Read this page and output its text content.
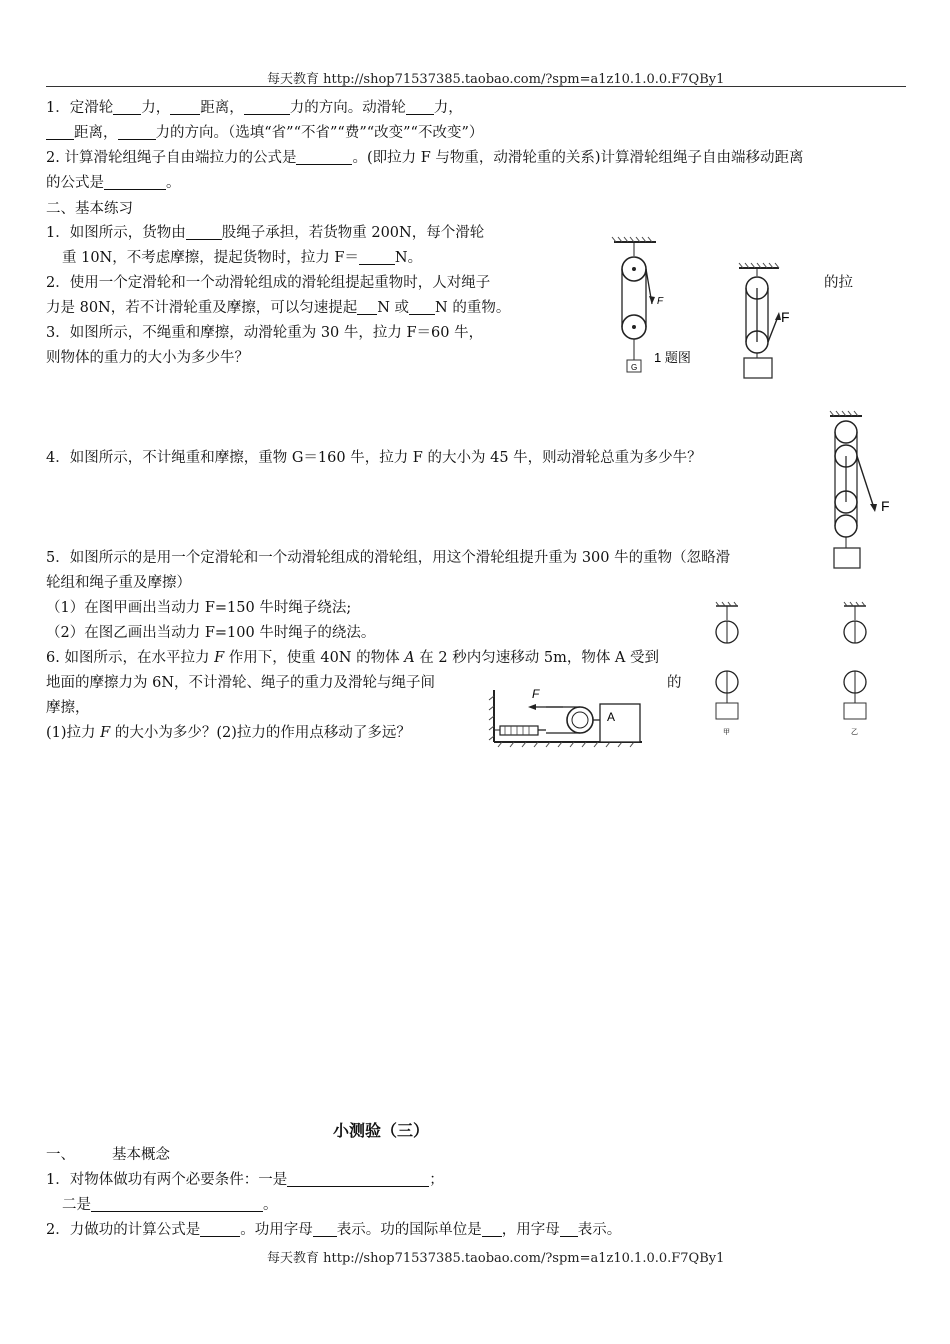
每天教育 http://shop71537385.taobao.com/?spm=a1z10.1.0.0.F7QBy1
1．定滑轮 力， 距离，	力的方向。动滑轮 力，
距离，	力的方向。（选填“省”“不省”“费”“改变”“不改变”）
2. 计算滑轮组绳子自由端拉力的公式是	。(即拉力 F 与物重，动滑轮重的关系)计算滑轮组绳子自由端移动距离
的公式是	。
二、基本练习
1．如图所示，货物由 股绳子承担，若货物重 200N，每个滑轮
重 10N，不考虑摩擦，提起货物时，拉力 F＝ N。
2．使用一个定滑轮和一个动滑轮组成的滑轮组提起重物时，人对绳子	的拉
力是 80N，若不计滑轮重及摩擦，可以匀速提起 N 或 N 的重物。
3．如图所示，不绳重和摩擦，动滑轮重为 30 牛，拉力 F＝60 牛，
则物体的重力的大小为多少牛？
4．如图所示，不计绳重和摩擦，重物 G＝160 牛，拉力 F 的大小为 45 牛，则动滑轮总重为多少牛？
5．如图所示的是用一个定滑轮和一个动滑轮组成的滑轮组，用这个滑轮组提升重为 300 牛的重物（忽略滑
轮组和绳子重及摩擦）
（1）在图甲画出当动力 F=150 牛时绳子绕法;
（2）在图乙画出当动力 F=100 牛时绳子的绕法。
6. 如图所示，在水平拉力 F 作用下，使重 40N 的物体 A 在 2 秒内匀速移动 5m，物体 A 受到
地面的摩擦力为 6N，不计滑轮、绳子的重力及滑轮与绳子间	的
摩擦，
(1)拉力 F 的大小为多少？(2)拉力的作用点移动了多远？
G
F
1 题图
F
F
甲	乙
F
A
小测验（三）
一、	基本概念
1．对物体做功有两个必要条件：一是	；
二是	。
2．力做功的计算公式是	。功用字母 表示。功的国际单位是 ，用字母 表示。
每天教育 http://shop71537385.taobao.com/?spm=a1z10.1.0.0.F7QBy1
